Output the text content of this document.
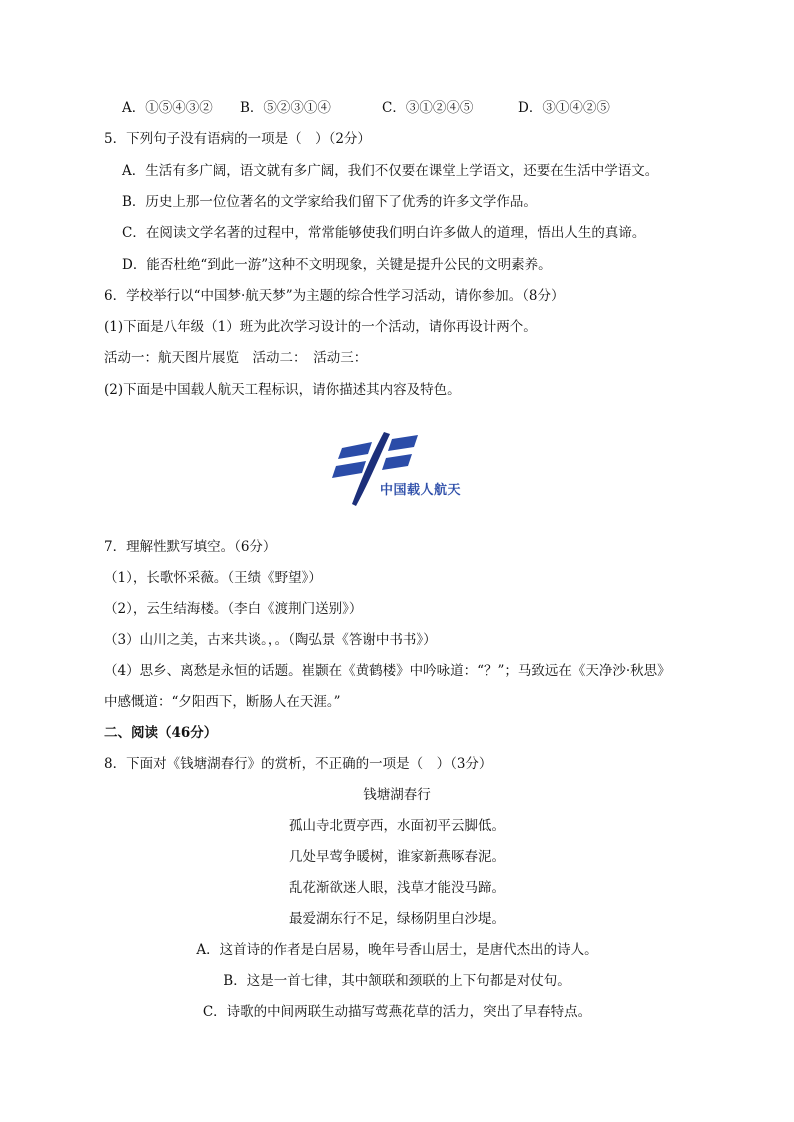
A．①⑤④③② B．⑤②③①④	C．③①②④⑤	D．③①④②⑤
5．下列句子没有语病的一项是（　）（2分）
A．生活有多广阔，语文就有多广阔，我们不仅要在课堂上学语文，还要在生活中学语文。
B．历史上那一位位著名的文学家给我们留下了优秀的许多文学作品。
C．在阅读文学名著的过程中，常常能够使我们明白许多做人的道理，悟出人生的真谛。
D．能否杜绝“到此一游”这种不文明现象，关键是提升公民的文明素养。
6．学校举行以“中国梦·航天梦”为主题的综合性学习活动，请你参加。（8分）
(1)下面是八年级（1）班为此次学习设计的一个活动，请你再设计两个。
活动一：航天图片展览　活动二：　活动三：
(2)下面是中国载人航天工程标识，请你描述其内容及特色。
中国载人航天
7．理解性默写填空。（6分）
（1），长歌怀采薇。（王绩《野望》）
（2），云生结海楼。（李白《渡荆门送别》）
（3）山川之美，古来共谈。，。（陶弘景《答谢中书书》）
（4）思乡、离愁是永恒的话题。崔颢在《黄鹤楼》中吟咏道：“？”；马致远在《天净沙·秋思》
中感慨道：“夕阳西下，断肠人在天涯。”
二、阅读（46分）
8．下面对《钱塘湖春行》的赏析，不正确的一项是（　）（3分）
钱塘湖春行
孤山寺北贾亭西，水面初平云脚低。
几处早莺争暖树，谁家新燕啄春泥。
乱花渐欲迷人眼，浅草才能没马蹄。
最爱湖东行不足，绿杨阴里白沙堤。
A．这首诗的作者是白居易，晚年号香山居士，是唐代杰出的诗人。
B．这是一首七律，其中颔联和颈联的上下句都是对仗句。
C．诗歌的中间两联生动描写莺燕花草的活力，突出了早春特点。
